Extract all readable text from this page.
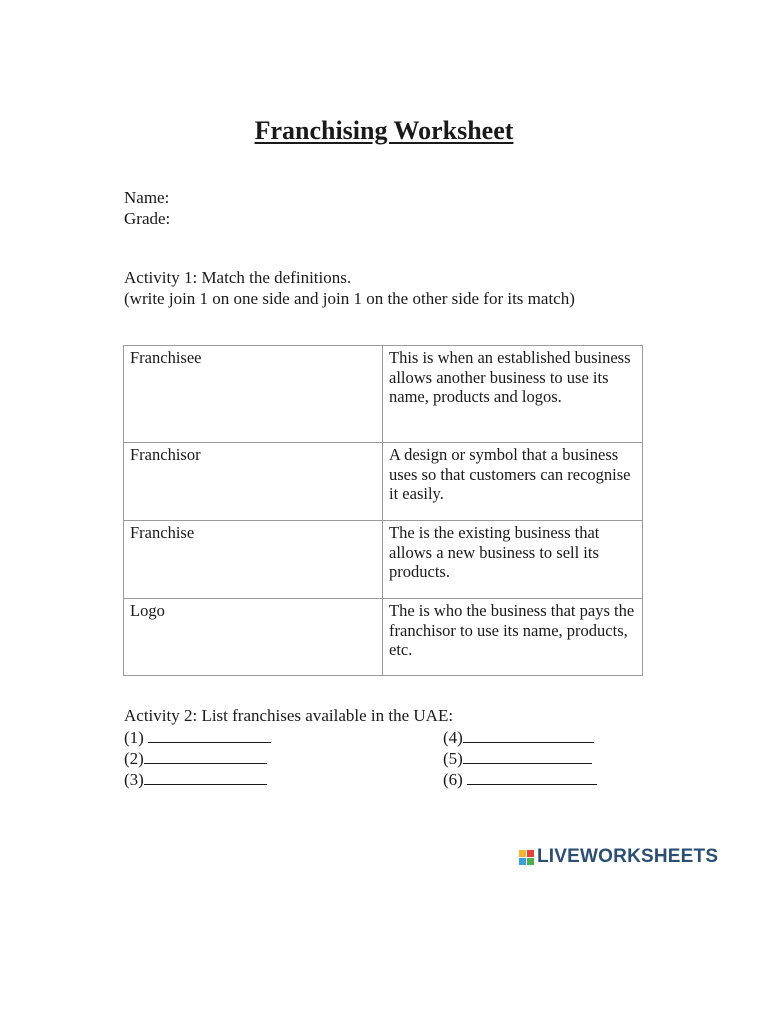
Franchising Worksheet
Name:
Grade:
Activity 1: Match the definitions.
(write join 1 on one side and join 1 on the other side for its match)
Franchisee	This is when an established business allows another business to use its name, products and logos.
Franchisor	A design or symbol that a business uses so that customers can recognise it easily.
Franchise	The is the existing business that allows a new business to sell its products.
Logo	The is who the business that pays the franchisor to use its name, products, etc.
Activity 2: List franchises available in the UAE:
(1)
(2)
(3)
(4)
(5)
(6)
LIVEWORKSHEETS
